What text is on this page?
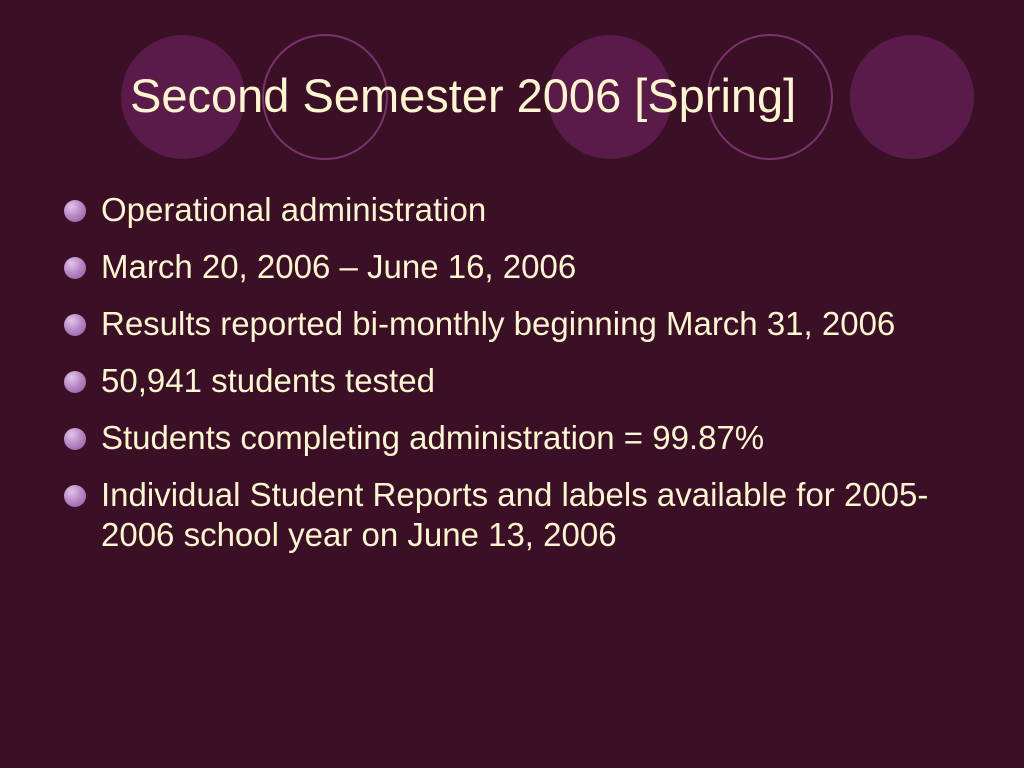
Second Semester 2006 [Spring]
Operational administration
March 20, 2006 – June 16, 2006
Results reported bi-monthly beginning March 31, 2006
50,941 students tested
Students completing administration = 99.87%
Individual Student Reports and labels available for 2005-2006 school year on June 13, 2006
